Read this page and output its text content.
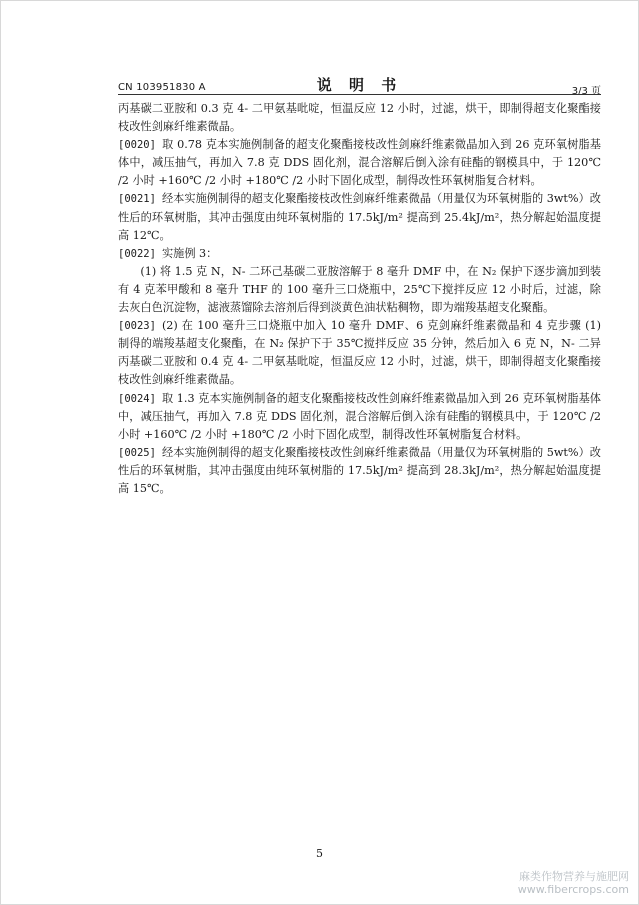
CN 103951830 A	说 明 书	3/3 页

丙基碳二亚胺和 0.3 克 4- 二甲氨基吡啶，恒温反应 12 小时，过滤，烘干，即制得超支化聚酯接枝改性剑麻纤维素微晶。

[0020] 取 0.78 克本实施例制备的超支化聚酯接枝改性剑麻纤维素微晶加入到 26 克环氧树脂基体中，减压抽气，再加入 7.8 克 DDS 固化剂，混合溶解后倒入涂有硅酯的钢模具中，于 120℃ /2 小时 +160℃ /2 小时 +180℃ /2 小时下固化成型，制得改性环氧树脂复合材料。

[0021] 经本实施例制得的超支化聚酯接枝改性剑麻纤维素微晶（用量仅为环氧树脂的 3wt%）改性后的环氧树脂，其冲击强度由纯环氧树脂的 17.5kJ/m² 提高到 25.4kJ/m²，热分解起始温度提高 12℃。

[0022] 实施例 3：

(1) 将 1.5 克 N，N- 二环己基碳二亚胺溶解于 8 毫升 DMF 中，在 N₂ 保护下逐步滴加到装有 4 克苯甲酸和 8 毫升 THF 的 100 毫升三口烧瓶中，25℃下搅拌反应 12 小时后，过滤，除去灰白色沉淀物，滤液蒸馏除去溶剂后得到淡黄色油状粘稠物，即为端羧基超支化聚酯。

[0023] (2) 在 100 毫升三口烧瓶中加入 10 毫升 DMF、6 克剑麻纤维素微晶和 4 克步骤 (1) 制得的端羧基超支化聚酯，在 N₂ 保护下于 35℃搅拌反应 35 分钟，然后加入 6 克 N，N- 二异丙基碳二亚胺和 0.4 克 4- 二甲氨基吡啶，恒温反应 12 小时，过滤，烘干，即制得超支化聚酯接枝改性剑麻纤维素微晶。

[0024] 取 1.3 克本实施例制备的超支化聚酯接枝改性剑麻纤维素微晶加入到 26 克环氧树脂基体中，减压抽气，再加入 7.8 克 DDS 固化剂，混合溶解后倒入涂有硅酯的钢模具中，于 120℃ /2 小时 +160℃ /2 小时 +180℃ /2 小时下固化成型，制得改性环氧树脂复合材料。

[0025] 经本实施例制得的超支化聚酯接枝改性剑麻纤维素微晶（用量仅为环氧树脂的 5wt%）改性后的环氧树脂，其冲击强度由纯环氧树脂的 17.5kJ/m² 提高到 28.3kJ/m²，热分解起始温度提高 15℃。

5
麻类作物营养与施肥网
www.fibercrops.com
